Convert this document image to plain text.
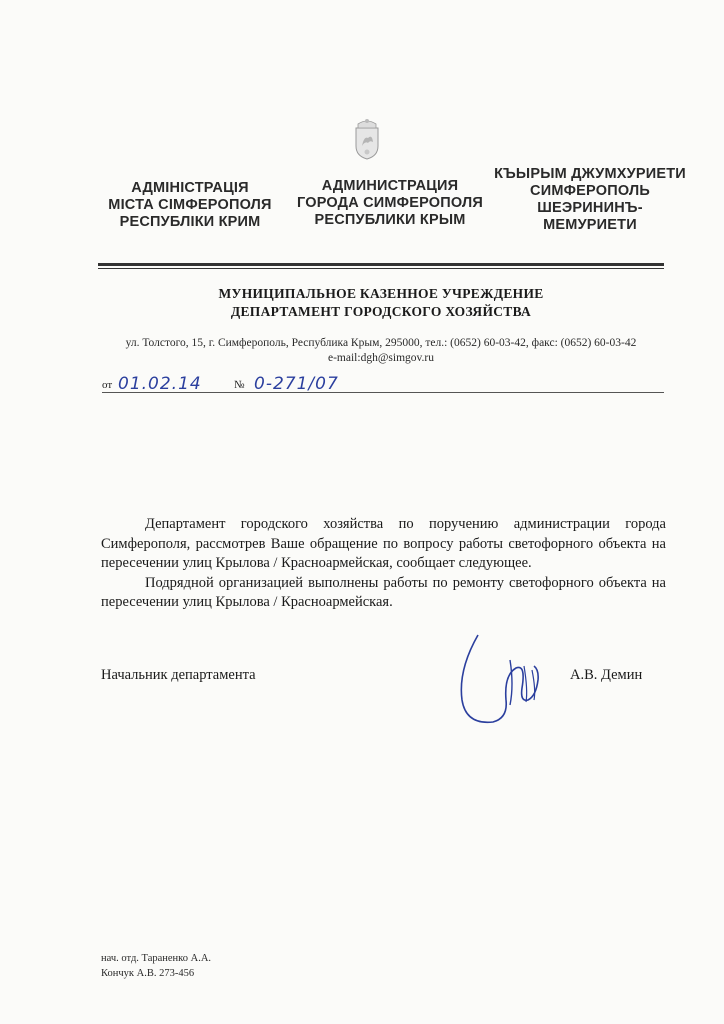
АДМІНІСТРАЦІЯ
МІСТА СІМФЕРОПОЛЯ
РЕСПУБЛІКИ КРИМ
АДМИНИСТРАЦИЯ
ГОРОДА СИМФЕРОПОЛЯ
РЕСПУБЛИКИ КРЫМ
КЪЫРЫМ ДЖУМХУРИЕТИ
СИМФЕРОПОЛЬ
ШЕЭРИНИНЪ-
МЕМУРИЕТИ
МУНИЦИПАЛЬНОЕ КАЗЕННОЕ УЧРЕЖДЕНИЕ
ДЕПАРТАМЕНТ ГОРОДСКОГО ХОЗЯЙСТВА
ул. Толстого, 15, г. Симферополь, Республика Крым, 295000, тел.: (0652) 60-03-42, факс: (0652) 60-03-42
e-mail:dgh@simgov.ru
от 01.02.14	№ 0-271/07

Департамент городского хозяйства по поручению администрации города Симферополя, рассмотрев Ваше обращение по вопросу работы светофорного объекта на пересечении улиц Крылова / Красноармейская, сообщает следующее.

Подрядной организацией выполнены работы по ремонту светофорного объекта на пересечении улиц Крылова / Красноармейская.

Начальник департамента	А.В. Демин
нач. отд. Тараненко А.А.
Кончук А.В. 273-456
